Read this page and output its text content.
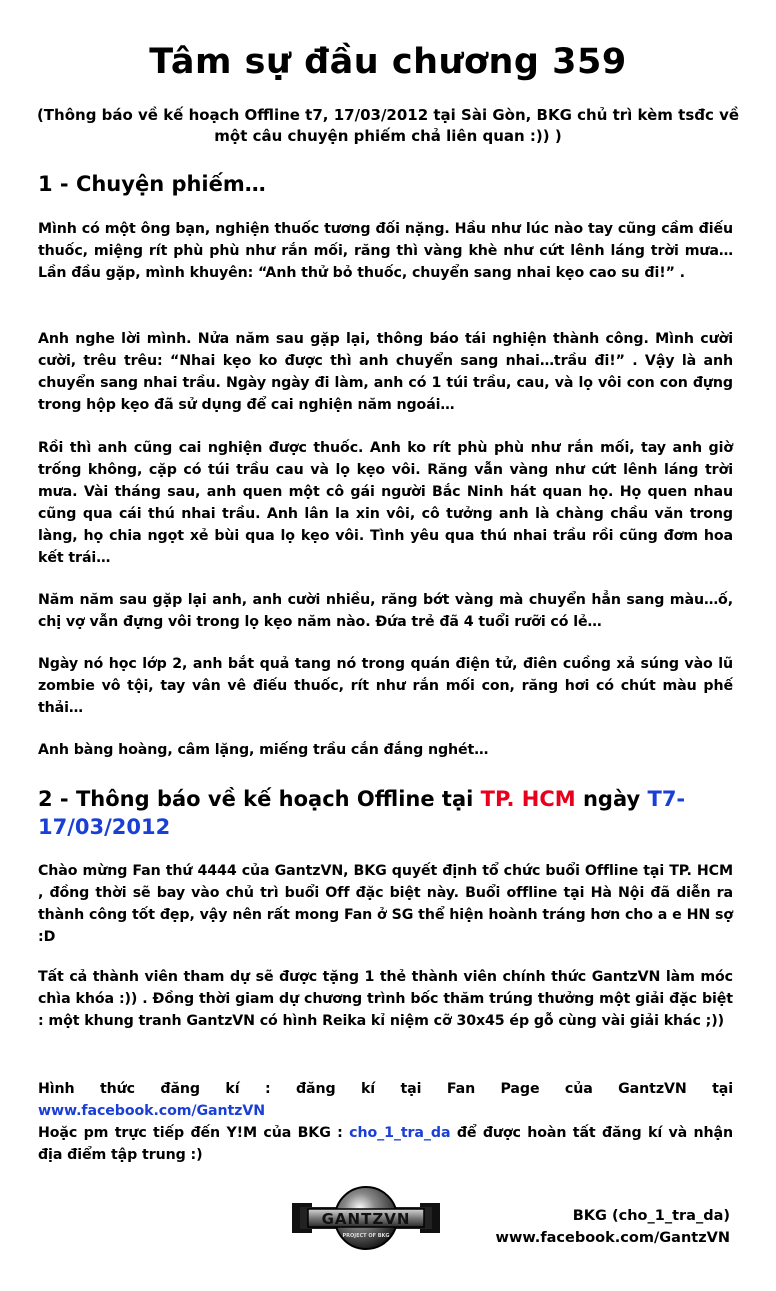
Tâm sự đầu chương 359
(Thông báo về kế hoạch Offline t7, 17/03/2012 tại Sài Gòn, BKG chủ trì kèm tsđc về một câu chuyện phiếm chả liên quan :)) )
1 - Chuyện phiếm…
Mình có một ông bạn, nghiện thuốc tương đối nặng. Hầu như lúc nào tay cũng cầm điếu thuốc, miệng rít phù phù như rắn mối, răng thì vàng khè như cứt lênh láng trời mưa… Lần đầu gặp, mình khuyên: “Anh thử bỏ thuốc, chuyển sang nhai kẹo cao su đi!” .
Anh nghe lời mình. Nửa năm sau gặp lại, thông báo tái nghiện thành công. Mình cười cười, trêu trêu: “Nhai kẹo ko được thì anh chuyển sang nhai…trầu đi!” . Vậy là anh chuyển sang nhai trầu. Ngày ngày đi làm, anh có 1 túi trầu, cau, và lọ vôi con con đựng trong hộp kẹo đã sử dụng để cai nghiện năm ngoái…
Rồi thì anh cũng cai nghiện được thuốc. Anh ko rít phù phù như rắn mối, tay anh giờ trống không, cặp có túi trầu cau và lọ kẹo vôi. Răng vẫn vàng như cứt lênh láng trời mưa. Vài tháng sau, anh quen một cô gái người Bắc Ninh hát quan họ. Họ quen nhau cũng qua cái thú nhai trầu. Anh lân la xin vôi, cô tưởng anh là chàng chầu văn trong làng, họ chia ngọt xẻ bùi qua lọ kẹo vôi. Tình yêu qua thú nhai trầu rồi cũng đơm hoa kết trái…
Năm năm sau gặp lại anh, anh cười nhiều, răng bớt vàng mà chuyển hẳn sang màu…ố, chị vợ vẫn đựng vôi trong lọ kẹo năm nào. Đứa trẻ đã 4 tuổi rưỡi có lẻ…
Ngày nó học lớp 2, anh bắt quả tang nó trong quán điện tử, điên cuồng xả súng vào lũ zombie vô tội, tay vân vê điếu thuốc, rít như rắn mối con, răng hơi có chút màu phế thải…
Anh bàng hoàng, câm lặng, miếng trầu cắn đắng nghét…
2 - Thông báo về kế hoạch Offline tại TP. HCM ngày T7-17/03/2012
Chào mừng Fan thứ 4444 của GantzVN, BKG quyết định tổ chức buổi Offline tại TP. HCM , đồng thời sẽ bay vào chủ trì buổi Off đặc biệt này. Buổi offline tại Hà Nội đã diễn ra thành công tốt đẹp, vậy nên rất mong Fan ở SG thể hiện hoành tráng hơn cho a e HN sợ :D
Tất cả thành viên tham dự sẽ được tặng 1 thẻ thành viên chính thức GantzVN làm móc chìa khóa :)) . Đồng thời giam dự chương trình bốc thăm trúng thưởng một giải đặc biệt : một khung tranh GantzVN có hình Reika kỉ niệm cỡ 30x45 ép gỗ cùng vài giải khác ;))
Hình thức đăng kí : đăng kí tại Fan Page của GantzVN tại
www.facebook.com/GantzVN
Hoặc pm trực tiếp đến Y!M của BKG : cho_1_tra_da để được hoàn tất đăng kí và nhận địa điểm tập trung :)
GANTZVN
PROJECT OF BKG
BKG (cho_1_tra_da)
www.facebook.com/GantzVN
